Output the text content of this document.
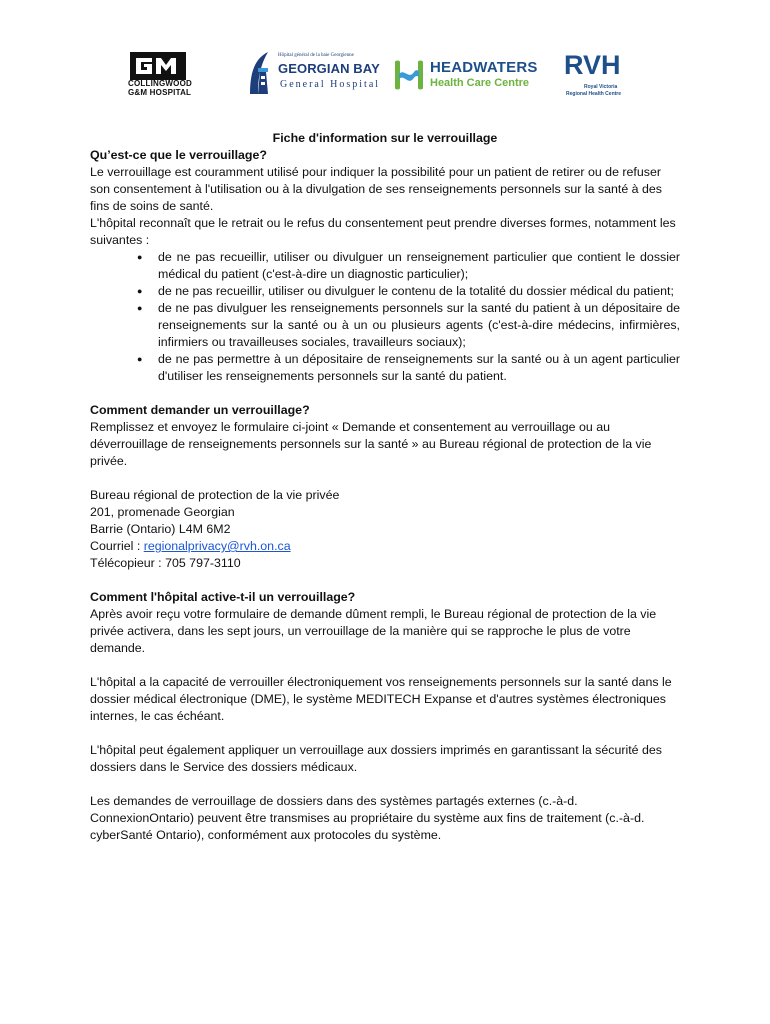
COLLINGWOOD
G&M HOSPITAL
Hôpital général de la baie Georgienne
GEORGIAN BAY
General Hospital
HEADWATERS
Health Care Centre
RVH
Royal Victoria
Regional Health Centre

Fiche d'information sur le verrouillage

Qu’est-ce que le verrouillage?

Le verrouillage est couramment utilisé pour indiquer la possibilité pour un patient de retirer ou de refuser son consentement à l'utilisation ou à la divulgation de ses renseignements personnels sur la santé à des fins de soins de santé.

L'hôpital reconnaît que le retrait ou le refus du consentement peut prendre diverses formes, notamment les suivantes :

● de ne pas recueillir, utiliser ou divulguer un renseignement particulier que contient le dossier médical du patient (c'est-à-dire un diagnostic particulier);
● de ne pas recueillir, utiliser ou divulguer le contenu de la totalité du dossier médical du patient;
● de ne pas divulguer les renseignements personnels sur la santé du patient à un dépositaire de renseignements sur la santé ou à un ou plusieurs agents (c'est-à-dire médecins, infirmières, infirmiers ou travailleuses sociales, travailleurs sociaux);
● de ne pas permettre à un dépositaire de renseignements sur la santé ou à un agent particulier d'utiliser les renseignements personnels sur la santé du patient.

Comment demander un verrouillage?

Remplissez et envoyez le formulaire ci-joint « Demande et consentement au verrouillage ou au déverrouillage de renseignements personnels sur la santé » au Bureau régional de protection de la vie privée.

Bureau régional de protection de la vie privée

201, promenade Georgian

Barrie (Ontario) L4M 6M2

Courriel : regionalprivacy@rvh.on.ca

Télécopieur : 705 797-3110

Comment l'hôpital active-t-il un verrouillage?

Après avoir reçu votre formulaire de demande dûment rempli, le Bureau régional de protection de la vie privée activera, dans les sept jours, un verrouillage de la manière qui se rapproche le plus de votre demande.

L'hôpital a la capacité de verrouiller électroniquement vos renseignements personnels sur la santé dans le dossier médical électronique (DME), le système MEDITECH Expanse et d'autres systèmes électroniques internes, le cas échéant.

L'hôpital peut également appliquer un verrouillage aux dossiers imprimés en garantissant la sécurité des dossiers dans le Service des dossiers médicaux.

Les demandes de verrouillage de dossiers dans des systèmes partagés externes (c.-à-d. ConnexionOntario) peuvent être transmises au propriétaire du système aux fins de traitement (c.-à-d. cyberSanté Ontario), conformément aux protocoles du système.
